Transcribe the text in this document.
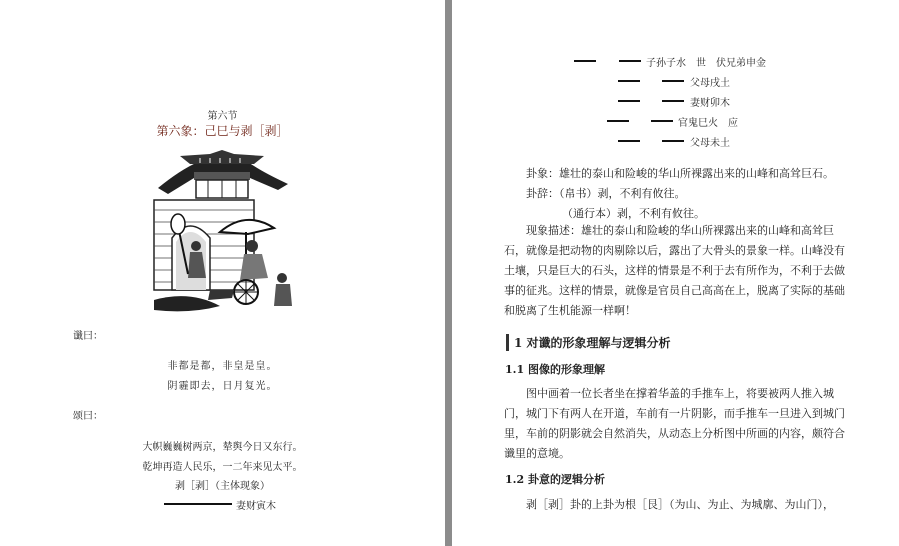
第六节
第六象：己巳与剥［剥］
谶曰：
非都是都，非皇是皇。
阴霾即去，日月复光。
颂曰：
大帜巍巍树两京，辇舆今日又东行。
乾坤再造人民乐，一二年来见太平。
剥［剥］（主体现象）
妻财寅木
子孙子水　世　伏兄弟申金
父母戌土
妻财卯木
官鬼巳火　应
父母未土
卦象：雄壮的泰山和险峻的华山所裸露出来的山峰和高耸巨石。
卦辞：（帛书）剥，不利有攸往。
（通行本）剥，不利有攸往。
现象描述：雄壮的泰山和险峻的华山所裸露出来的山峰和高耸巨石，就像是把动物的肉剔除以后，露出了大骨头的景象一样。山峰没有土壤，只是巨大的石头，这样的情景是不利于去有所作为，不利于去做事的征兆。这样的情景，就像是官员自己高高在上，脱离了实际的基础和脱离了生机能源一样啊！
1 对谶的形象理解与逻辑分析
1.1 图像的形象理解
图中画着一位长者坐在撑着华盖的手推车上，将要被两人推入城门，城门下有两人在开道，车前有一片阴影，而手推车一旦进入到城门里，车前的阴影就会自然消失，从动态上分析图中所画的内容，颇符合谶里的意境。
1.2 卦意的逻辑分析
剥［剥］卦的上卦为根［艮］（为山、为止、为城廓、为山门），
